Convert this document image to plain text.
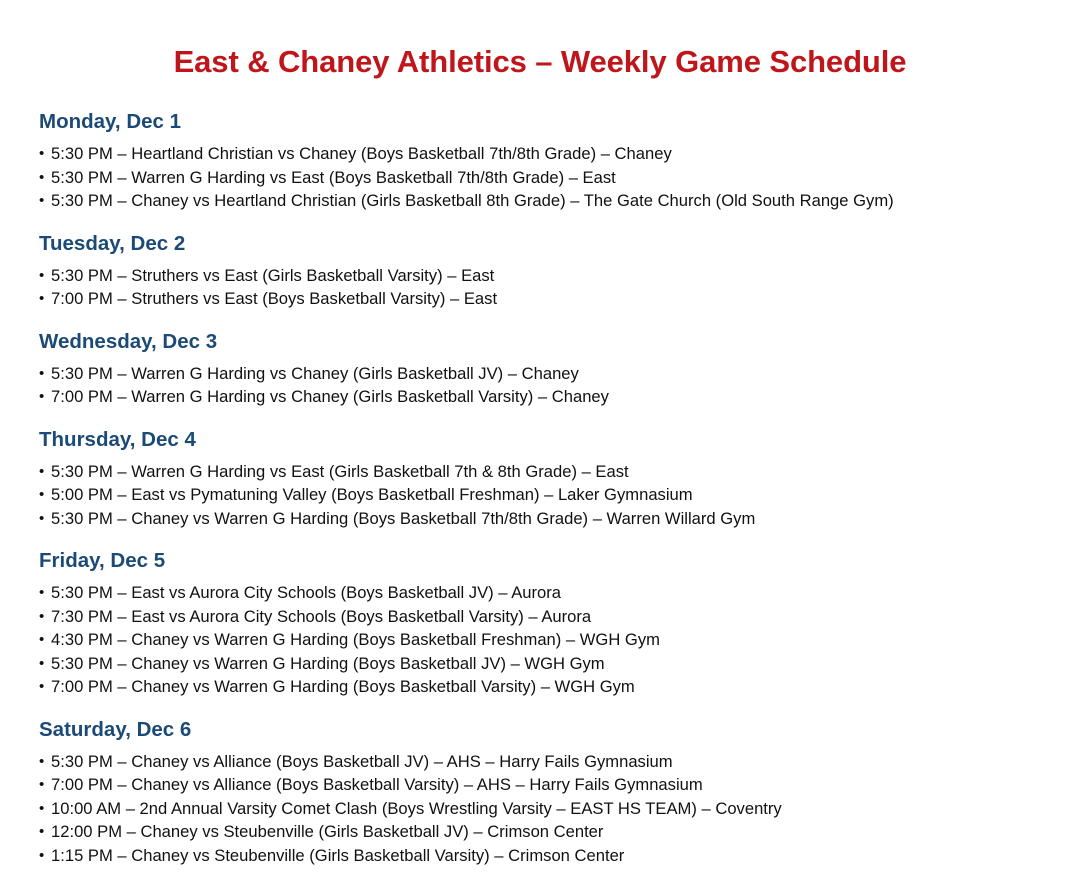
East & Chaney Athletics – Weekly Game Schedule
Monday, Dec 1
• 5:30 PM – Heartland Christian vs Chaney (Boys Basketball 7th/8th Grade) – Chaney
• 5:30 PM – Warren G Harding vs East (Boys Basketball 7th/8th Grade) – East
• 5:30 PM – Chaney vs Heartland Christian (Girls Basketball 8th Grade) – The Gate Church (Old South Range Gym)
Tuesday, Dec 2
• 5:30 PM – Struthers vs East (Girls Basketball Varsity) – East
• 7:00 PM – Struthers vs East (Boys Basketball Varsity) – East
Wednesday, Dec 3
• 5:30 PM – Warren G Harding vs Chaney (Girls Basketball JV) – Chaney
• 7:00 PM – Warren G Harding vs Chaney (Girls Basketball Varsity) – Chaney
Thursday, Dec 4
• 5:30 PM – Warren G Harding vs East (Girls Basketball 7th & 8th Grade) – East
• 5:00 PM – East vs Pymatuning Valley (Boys Basketball Freshman) – Laker Gymnasium
• 5:30 PM – Chaney vs Warren G Harding (Boys Basketball 7th/8th Grade) – Warren Willard Gym
Friday, Dec 5
• 5:30 PM – East vs Aurora City Schools (Boys Basketball JV) – Aurora
• 7:30 PM – East vs Aurora City Schools (Boys Basketball Varsity) – Aurora
• 4:30 PM – Chaney vs Warren G Harding (Boys Basketball Freshman) – WGH Gym
• 5:30 PM – Chaney vs Warren G Harding (Boys Basketball JV) – WGH Gym
• 7:00 PM – Chaney vs Warren G Harding (Boys Basketball Varsity) – WGH Gym
Saturday, Dec 6
• 5:30 PM – Chaney vs Alliance (Boys Basketball JV) – AHS – Harry Fails Gymnasium
• 7:00 PM – Chaney vs Alliance (Boys Basketball Varsity) – AHS – Harry Fails Gymnasium
• 10:00 AM – 2nd Annual Varsity Comet Clash (Boys Wrestling Varsity – EAST HS TEAM) – Coventry
• 12:00 PM – Chaney vs Steubenville (Girls Basketball JV) – Crimson Center
• 1:15 PM – Chaney vs Steubenville (Girls Basketball Varsity) – Crimson Center
